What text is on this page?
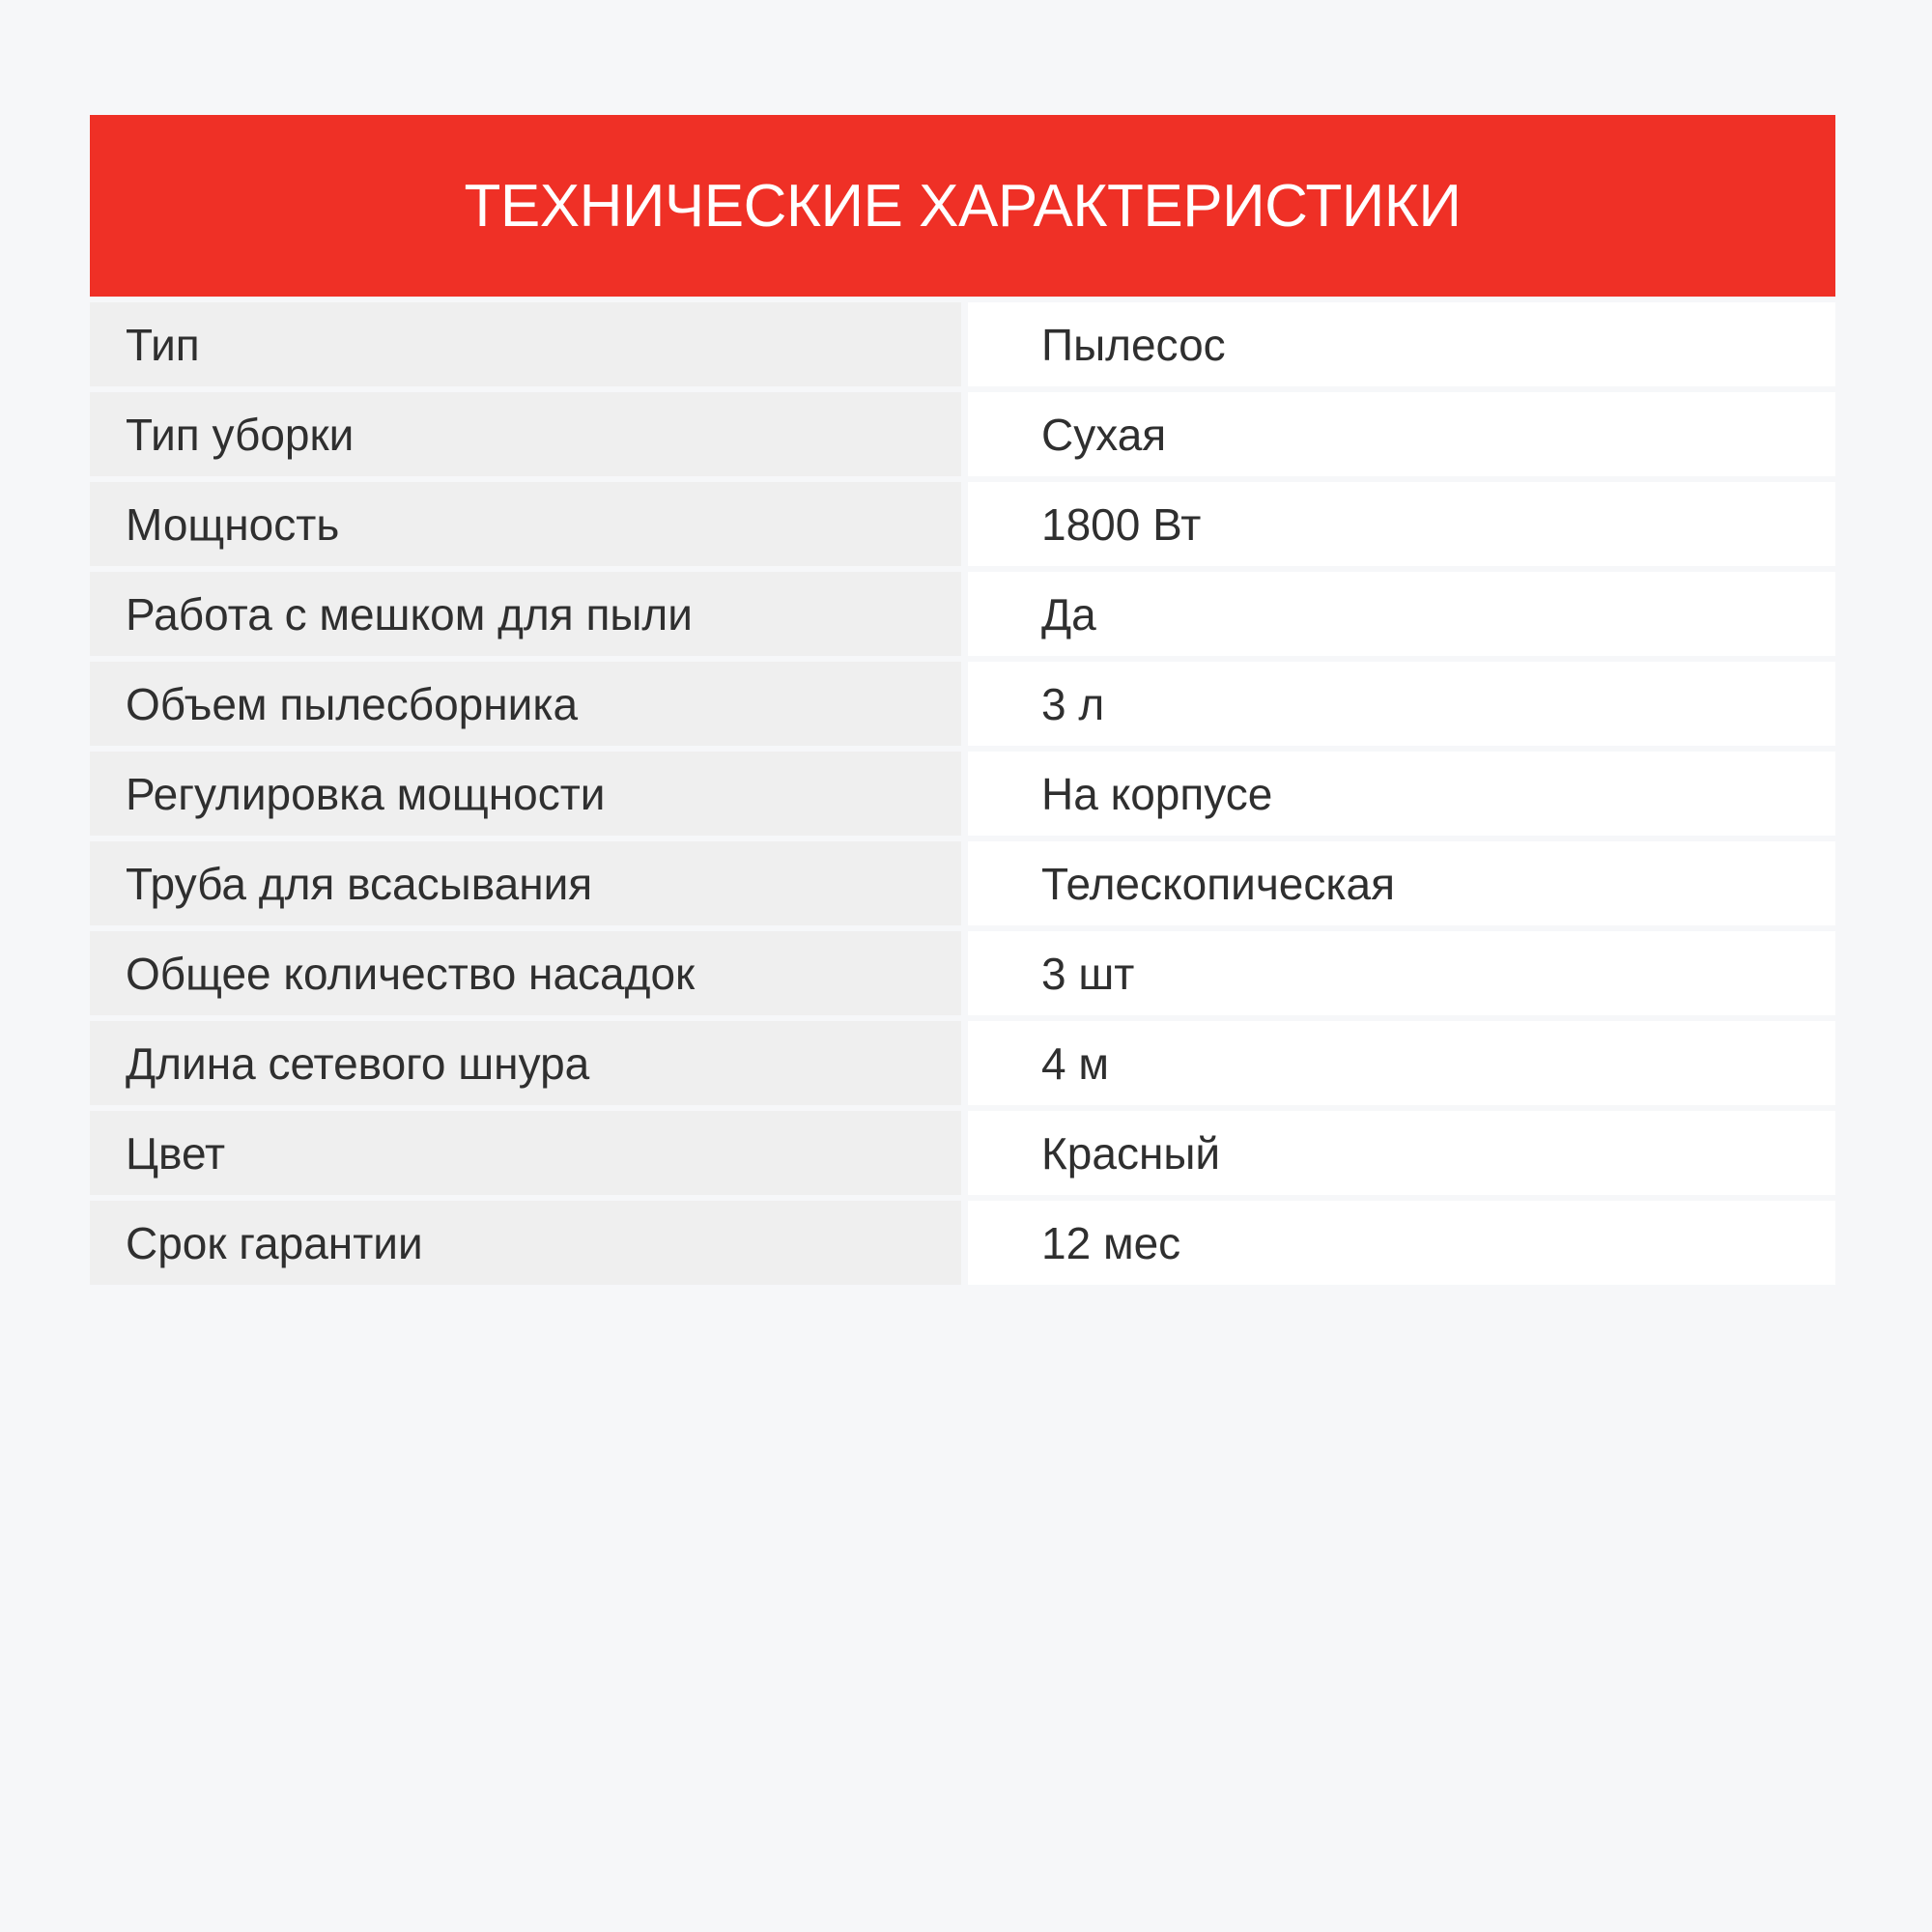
ТЕХНИЧЕСКИЕ ХАРАКТЕРИСТИКИ
Тип	Пылесос
Тип уборки	Сухая
Мощность	1800 Вт
Работа с мешком для пыли	Да
Объем пылесборника	3 л
Регулировка мощности	На корпусе
Труба для всасывания	Телескопическая
Общее количество насадок	3 шт
Длина сетевого шнура	4 м
Цвет	Красный
Срок гарантии	12 мес
